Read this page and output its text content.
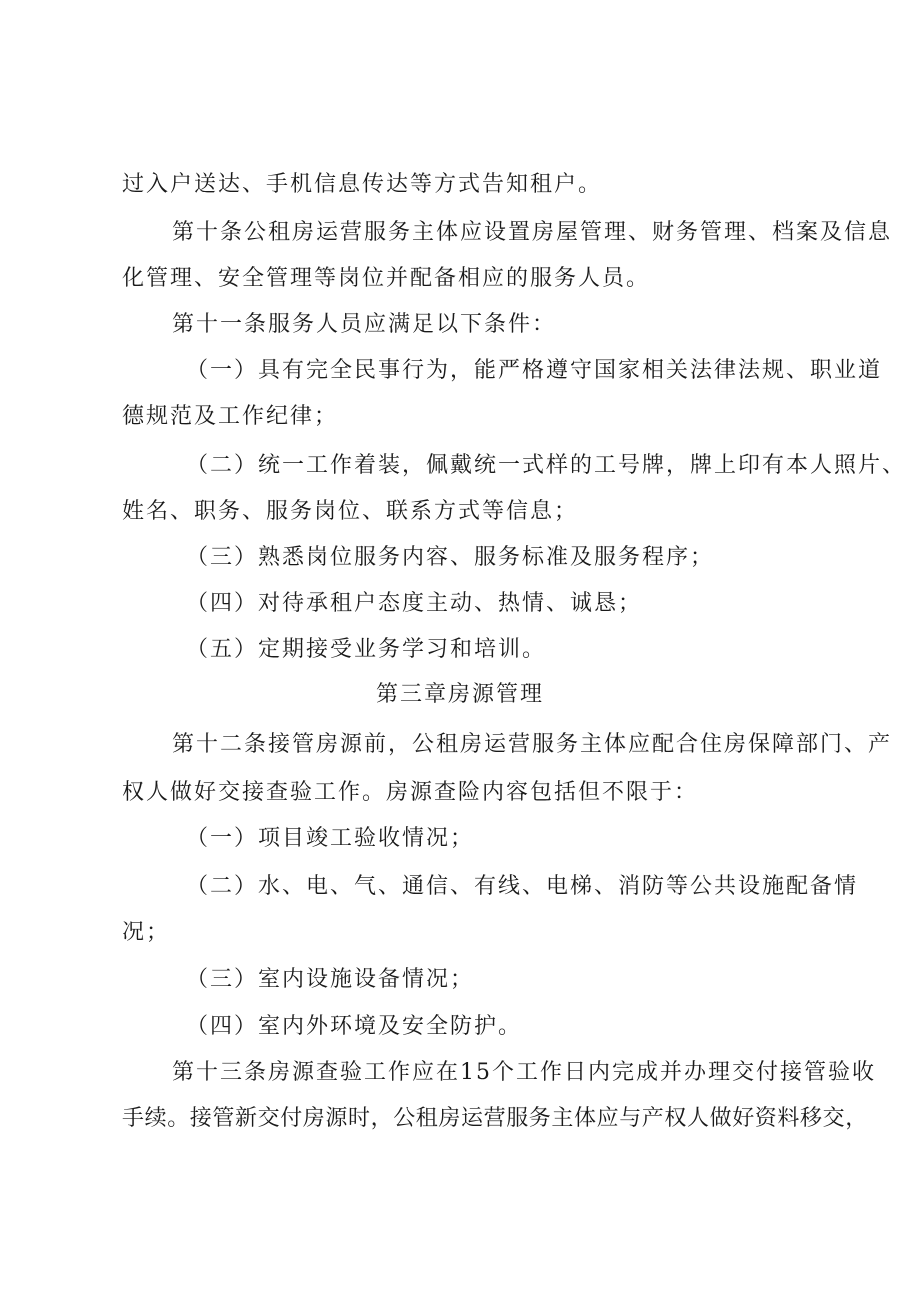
过入户送达、手机信息传达等方式告知租户。
第十条公租房运营服务主体应设置房屋管理、财务管理、档案及信息
化管理、安全管理等岗位并配备相应的服务人员。
第十一条服务人员应满足以下条件：
（一）具有完全民事行为，能严格遵守国家相关法律法规、职业道
德规范及工作纪律；
（二）统一工作着装，佩戴统一式样的工号牌，牌上印有本人照片、
姓名、职务、服务岗位、联系方式等信息；
（三）熟悉岗位服务内容、服务标准及服务程序；
（四）对待承租户态度主动、热情、诚恳；
（五）定期接受业务学习和培训。
第三章房源管理
第十二条接管房源前，公租房运营服务主体应配合住房保障部门、产
权人做好交接查验工作。房源查险内容包括但不限于：
（一）项目竣工验收情况；
（二）水、电、气、通信、有线、电梯、消防等公共设施配备情
况；
（三）室内设施设备情况；
（四）室内外环境及安全防护。
第十三条房源查验工作应在15个工作日内完成并办理交付接管验收
手续。接管新交付房源时，公租房运营服务主体应与产权人做好资料移交，
